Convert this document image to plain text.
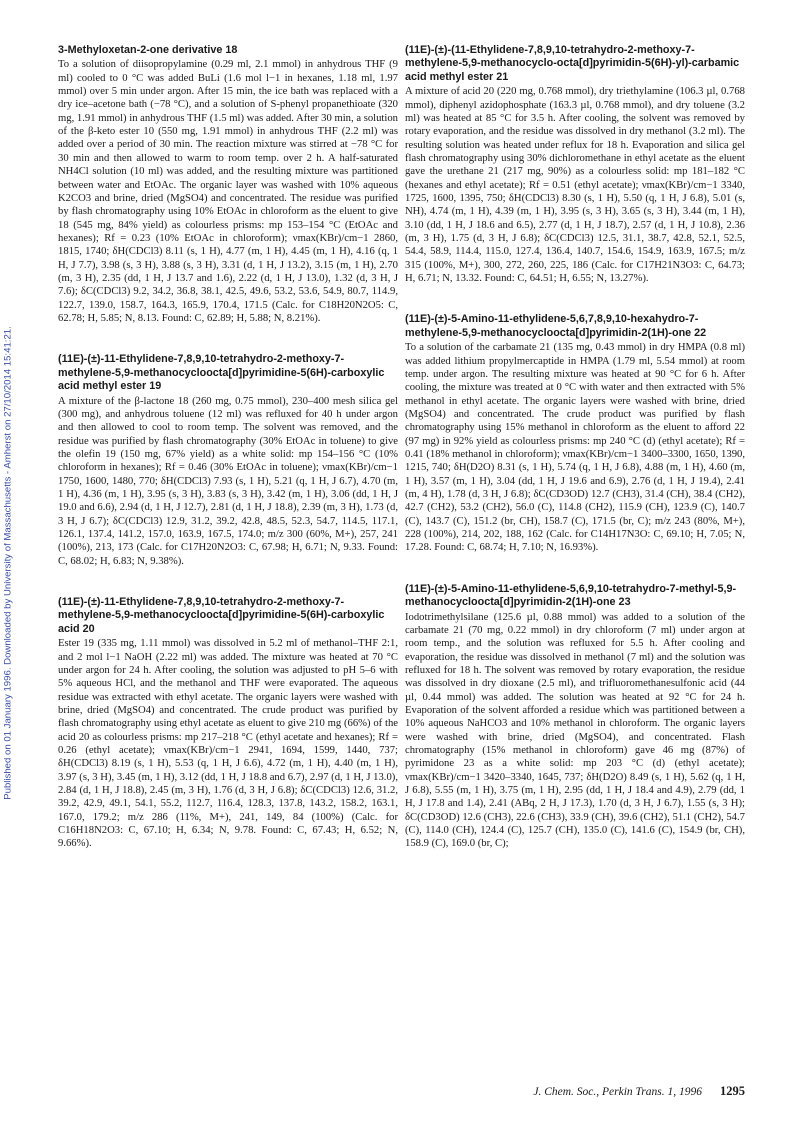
Published on 01 January 1996. Downloaded by University of Massachusetts - Amherst on 27/10/2014 15:41:21.
3-Methyloxetan-2-one derivative 18

To a solution of diisopropylamine (0.29 ml, 2.1 mmol) in anhydrous THF (9 ml) cooled to 0 °C was added BuLi (1.6 mol l−1 in hexanes, 1.18 ml, 1.97 mmol) over 5 min under argon. After 15 min, the ice bath was replaced with a dry ice–acetone bath (−78 °C), and a solution of S-phenyl propanethioate (320 mg, 1.91 mmol) in anhydrous THF (1.5 ml) was added. After 30 min, a solution of the β-keto ester 10 (550 mg, 1.91 mmol) in anhydrous THF (2.2 ml) was added over a period of 30 min. The reaction mixture was stirred at −78 °C for 30 min and then allowed to warm to room temp. over 2 h. A half-saturated NH4Cl solution (10 ml) was added, and the resulting mixture was partitioned between water and EtOAc. The organic layer was washed with 10% aqueous K2CO3 and brine, dried (MgSO4) and concentrated. The residue was purified by flash chromatography using 10% EtOAc in chloroform as the eluent to give 18 (545 mg, 84% yield) as colourless prisms: mp 153–154 °C (EtOAc and hexanes); Rf = 0.23 (10% EtOAc in chloroform); νmax(KBr)/cm−1 2860, 1815, 1740; δH(CDCl3) 8.11 (s, 1 H), 4.77 (m, 1 H), 4.45 (m, 1 H), 4.16 (q, 1 H, J 7.7), 3.98 (s, 3 H), 3.88 (s, 3 H), 3.31 (d, 1 H, J 13.2), 3.15 (m, 1 H), 2.70 (m, 3 H), 2.35 (dd, 1 H, J 13.7 and 1.6), 2.22 (d, 1 H, J 13.0), 1.32 (d, 3 H, J 7.6); δC(CDCl3) 9.2, 34.2, 36.8, 38.1, 42.5, 49.6, 53.2, 53.6, 54.9, 80.7, 114.9, 122.7, 139.0, 158.7, 164.3, 165.9, 170.4, 171.5 (Calc. for C18H20N2O5: C, 62.78; H, 5.85; N, 8.13. Found: C, 62.89; H, 5.88; N, 8.21%).

(11E)-(±)-11-Ethylidene-7,8,9,10-tetrahydro-2-methoxy-7-methylene-5,9-methanocycloocta[d]pyrimidine-5(6H)-carboxylic acid methyl ester 19

A mixture of the β-lactone 18 (260 mg, 0.75 mmol), 230–400 mesh silica gel (300 mg), and anhydrous toluene (12 ml) was refluxed for 40 h under argon and then allowed to cool to room temp. The solvent was removed, and the residue was purified by flash chromatography (30% EtOAc in toluene) to give the olefin 19 (150 mg, 67% yield) as a white solid: mp 154–156 °C (10% chloroform in hexanes); Rf = 0.46 (30% EtOAc in toluene); νmax(KBr)/cm−1 1750, 1600, 1480, 770; δH(CDCl3) 7.93 (s, 1 H), 5.21 (q, 1 H, J 6.7), 4.70 (m, 1 H), 4.36 (m, 1 H), 3.95 (s, 3 H), 3.83 (s, 3 H), 3.42 (m, 1 H), 3.06 (dd, 1 H, J 19.0 and 6.6), 2.94 (d, 1 H, J 12.7), 2.81 (d, 1 H, J 18.8), 2.39 (m, 3 H), 1.73 (d, 3 H, J 6.7); δC(CDCl3) 12.9, 31.2, 39.2, 42.8, 48.5, 52.3, 54.7, 114.5, 117.1, 126.1, 137.4, 141.2, 157.0, 163.9, 167.5, 174.0; m/z 300 (60%, M+), 257, 241 (100%), 213, 173 (Calc. for C17H20N2O3: C, 67.98; H, 6.71; N, 9.33. Found: C, 68.02; H, 6.83; N, 9.38%).

(11E)-(±)-11-Ethylidene-7,8,9,10-tetrahydro-2-methoxy-7-methylene-5,9-methanocycloocta[d]pyrimidine-5(6H)-carboxylic acid 20

Ester 19 (335 mg, 1.11 mmol) was dissolved in 5.2 ml of methanol–THF 2:1, and 2 mol l−1 NaOH (2.22 ml) was added. The mixture was heated at 70 °C under argon for 24 h. After cooling, the solution was adjusted to pH 5–6 with 5% aqueous HCl, and the methanol and THF were evaporated. The aqueous residue was extracted with ethyl acetate. The organic layers were washed with brine, dried (MgSO4) and concentrated. The crude product was purified by flash chromatography using ethyl acetate as eluent to give 210 mg (66%) of the acid 20 as colourless prisms: mp 217–218 °C (ethyl acetate and hexanes); Rf = 0.26 (ethyl acetate); νmax(KBr)/cm−1 2941, 1694, 1599, 1440, 737; δH(CDCl3) 8.19 (s, 1 H), 5.53 (q, 1 H, J 6.6), 4.72 (m, 1 H), 4.40 (m, 1 H), 3.97 (s, 3 H), 3.45 (m, 1 H), 3.12 (dd, 1 H, J 18.8 and 6.7), 2.97 (d, 1 H, J 13.0), 2.84 (d, 1 H, J 18.8), 2.45 (m, 3 H), 1.76 (d, 3 H, J 6.8); δC(CDCl3) 12.6, 31.2, 39.2, 42.9, 49.1, 54.1, 55.2, 112.7, 116.4, 128.3, 137.8, 143.2, 158.2, 163.1, 167.0, 179.2; m/z 286 (11%, M+), 241, 149, 84 (100%) (Calc. for C16H18N2O3: C, 67.10; H, 6.34; N, 9.78. Found: C, 67.43; H, 6.52; N, 9.66%).

(11E)-(±)-(11-Ethylidene-7,8,9,10-tetrahydro-2-methoxy-7-methylene-5,9-methanocyclo-octa[d]pyrimidin-5(6H)-yl)-carbamic acid methyl ester 21

A mixture of acid 20 (220 mg, 0.768 mmol), dry triethylamine (106.3 µl, 0.768 mmol), diphenyl azidophosphate (163.3 µl, 0.768 mmol), and dry toluene (3.2 ml) was heated at 85 °C for 3.5 h. After cooling, the solvent was removed by rotary evaporation, and the residue was dissolved in dry methanol (3.2 ml). The resulting solution was heated under reflux for 18 h. Evaporation and silica gel flash chromatography using 30% dichloromethane in ethyl acetate as the eluent gave the urethane 21 (217 mg, 90%) as a colourless solid: mp 181–182 °C (hexanes and ethyl acetate); Rf = 0.51 (ethyl acetate); νmax(KBr)/cm−1 3340, 1725, 1600, 1395, 750; δH(CDCl3) 8.30 (s, 1 H), 5.50 (q, 1 H, J 6.8), 5.01 (s, NH), 4.74 (m, 1 H), 4.39 (m, 1 H), 3.95 (s, 3 H), 3.65 (s, 3 H), 3.44 (m, 1 H), 3.10 (dd, 1 H, J 18.6 and 6.5), 2.77 (d, 1 H, J 18.7), 2.57 (d, 1 H, J 10.8), 2.36 (m, 3 H), 1.75 (d, 3 H, J 6.8); δC(CDCl3) 12.5, 31.1, 38.7, 42.8, 52.1, 52.5, 54.4, 58.9, 114.4, 115.0, 127.4, 136.4, 140.7, 154.6, 154.9, 163.9, 167.5; m/z 315 (100%, M+), 300, 272, 260, 225, 186 (Calc. for C17H21N3O3: C, 64.73; H, 6.71; N, 13.32. Found: C, 64.51; H, 6.55; N, 13.27%).

(11E)-(±)-5-Amino-11-ethylidene-5,6,7,8,9,10-hexahydro-7-methylene-5,9-methanocycloocta[d]pyrimidin-2(1H)-one 22

To a solution of the carbamate 21 (135 mg, 0.43 mmol) in dry HMPA (0.8 ml) was added lithium propylmercaptide in HMPA (1.79 ml, 5.54 mmol) at room temp. under argon. The resulting mixture was heated at 90 °C for 6 h. After cooling, the mixture was treated at 0 °C with water and then extracted with 5% methanol in ethyl acetate. The organic layers were washed with brine, dried (MgSO4) and concentrated. The crude product was purified by flash chromatography using 15% methanol in chloroform as the eluent to afford 22 (97 mg) in 92% yield as colourless prisms: mp 240 °C (d) (ethyl acetate); Rf = 0.41 (18% methanol in chloroform); νmax(KBr)/cm−1 3400–3300, 1650, 1390, 1215, 740; δH(D2O) 8.31 (s, 1 H), 5.74 (q, 1 H, J 6.8), 4.88 (m, 1 H), 4.60 (m, 1 H), 3.57 (m, 1 H), 3.04 (dd, 1 H, J 19.6 and 6.9), 2.76 (d, 1 H, J 19.4), 2.41 (m, 4 H), 1.78 (d, 3 H, J 6.8); δC(CD3OD) 12.7 (CH3), 31.4 (CH), 38.4 (CH2), 42.7 (CH2), 53.2 (CH2), 56.0 (C), 114.8 (CH2), 115.9 (CH), 123.9 (C), 140.7 (C), 143.7 (C), 151.2 (br, CH), 158.7 (C), 171.5 (br, C); m/z 243 (80%, M+), 228 (100%), 214, 202, 188, 162 (Calc. for C14H17N3O: C, 69.10; H, 7.05; N, 17.28. Found: C, 68.74; H, 7.10; N, 16.93%).

(11E)-(±)-5-Amino-11-ethylidene-5,6,9,10-tetrahydro-7-methyl-5,9-methanocycloocta[d]pyrimidin-2(1H)-one 23

Iodotrimethylsilane (125.6 µl, 0.88 mmol) was added to a solution of the carbamate 21 (70 mg, 0.22 mmol) in dry chloroform (7 ml) under argon at room temp., and the solution was refluxed for 5.5 h. After cooling and evaporation, the residue was dissolved in methanol (7 ml) and the solution was refluxed for 18 h. The solvent was removed by rotary evaporation, the residue was dissolved in dry dioxane (2.5 ml), and trifluoromethanesulfonic acid (44 µl, 0.44 mmol) was added. The solution was heated at 92 °C for 24 h. Evaporation of the solvent afforded a residue which was partitioned between a 10% aqueous NaHCO3 and 10% methanol in chloroform. The organic layers were washed with brine, dried (MgSO4), and concentrated. Flash chromatography (15% methanol in chloroform) gave 46 mg (87%) of pyrimidone 23 as a white solid: mp 203 °C (d) (ethyl acetate); νmax(KBr)/cm−1 3420–3340, 1645, 737; δH(D2O) 8.49 (s, 1 H), 5.62 (q, 1 H, J 6.8), 5.55 (m, 1 H), 3.75 (m, 1 H), 2.95 (dd, 1 H, J 18.4 and 4.9), 2.79 (dd, 1 H, J 17.8 and 1.4), 2.41 (ABq, 2 H, J 17.3), 1.70 (d, 3 H, J 6.7), 1.55 (s, 3 H); δC(CD3OD) 12.6 (CH3), 22.6 (CH3), 33.9 (CH), 39.6 (CH2), 51.1 (CH2), 54.7 (C), 114.0 (CH), 124.4 (C), 125.7 (CH), 135.0 (C), 141.6 (C), 154.9 (br, CH), 158.9 (C), 169.0 (br, C);

J. Chem. Soc., Perkin Trans. 1, 1996 1295
